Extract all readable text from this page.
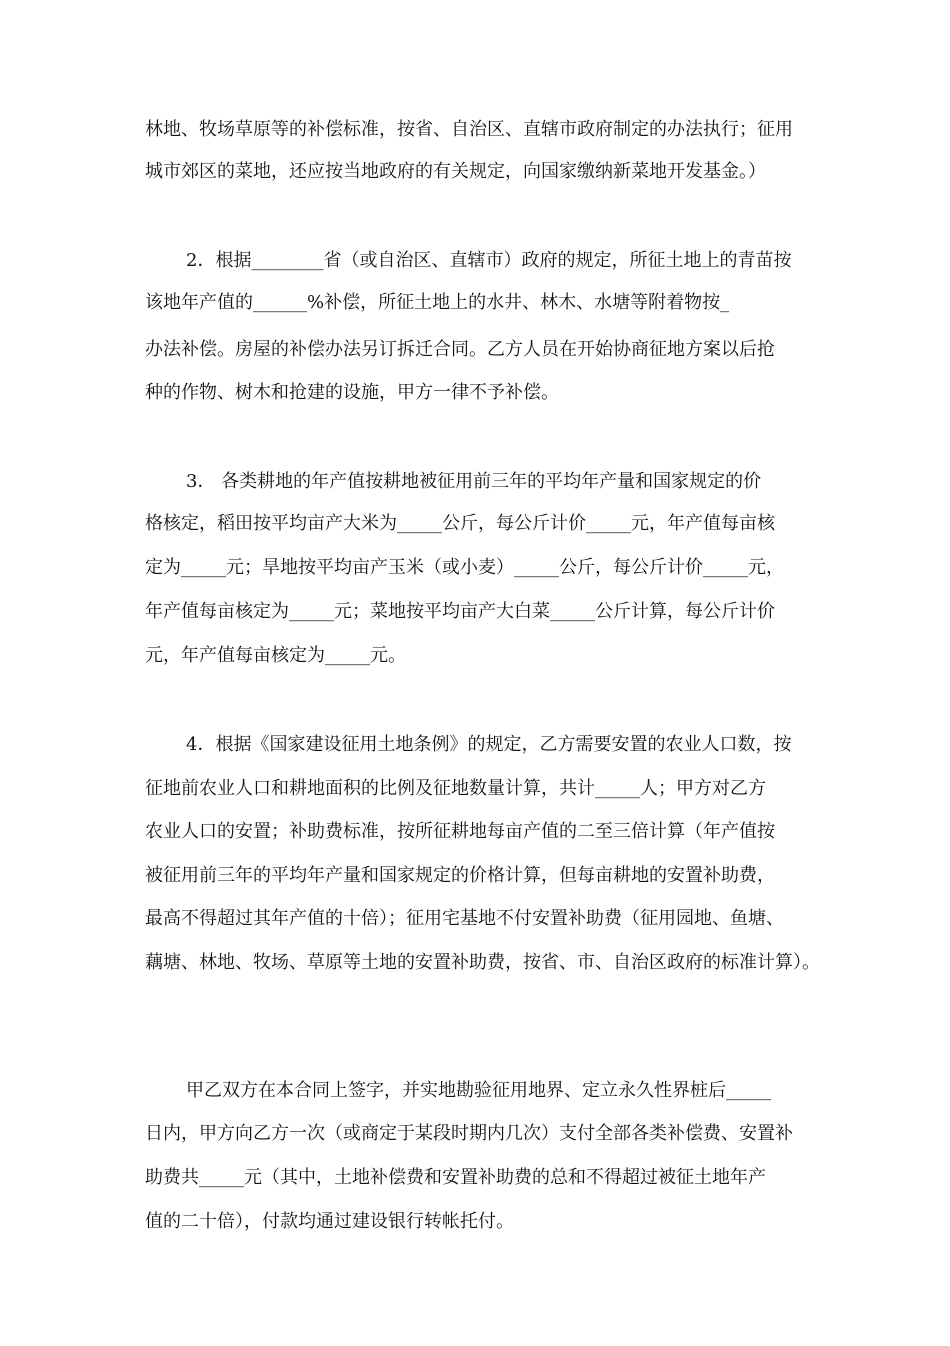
林地、牧场草原等的补偿标准，按省、自治区、直辖市政府制定的办法执行；征用
城市郊区的菜地，还应按当地政府的有关规定，向国家缴纳新菜地开发基金。）
2．根据________省（或自治区、直辖市）政府的规定，所征土地上的青苗按
该地年产值的______%补偿，所征土地上的水井、林木、水塘等附着物按_
办法补偿。房屋的补偿办法另订拆迁合同。乙方人员在开始协商征地方案以后抢
种的作物、树木和抢建的设施，甲方一律不予补偿。
3． 各类耕地的年产值按耕地被征用前三年的平均年产量和国家规定的价
格核定，稻田按平均亩产大米为_____公斤，每公斤计价_____元，年产值每亩核
定为_____元；旱地按平均亩产玉米（或小麦）_____公斤，每公斤计价_____元，
年产值每亩核定为_____元；菜地按平均亩产大白菜_____公斤计算，每公斤计价
元，年产值每亩核定为_____元。
4．根据《国家建设征用土地条例》的规定，乙方需要安置的农业人口数，按
征地前农业人口和耕地面积的比例及征地数量计算，共计_____人；甲方对乙方
农业人口的安置；补助费标准，按所征耕地每亩产值的二至三倍计算（年产值按
被征用前三年的平均年产量和国家规定的价格计算，但每亩耕地的安置补助费，
最高不得超过其年产值的十倍）；征用宅基地不付安置补助费（征用园地、鱼塘、
藕塘、林地、牧场、草原等土地的安置补助费，按省、市、自治区政府的标准计算）。
甲乙双方在本合同上签字，并实地勘验征用地界、定立永久性界桩后_____
日内，甲方向乙方一次（或商定于某段时期内几次）支付全部各类补偿费、安置补
助费共_____元（其中，土地补偿费和安置补助费的总和不得超过被征土地年产
值的二十倍），付款均通过建设银行转帐托付。
